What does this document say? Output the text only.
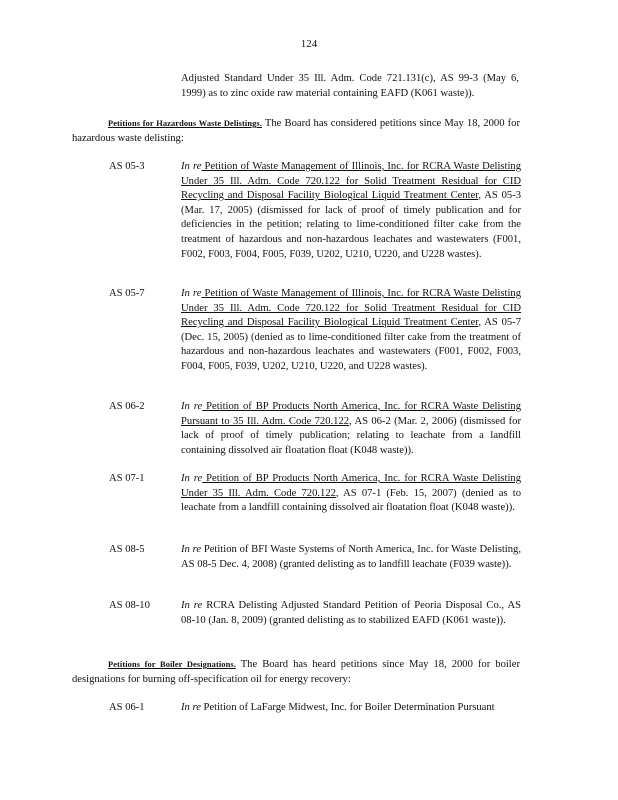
124

Adjusted Standard Under 35 Ill. Adm. Code 721.131(c), AS 99-3 (May 6, 1999) as to zinc oxide raw material containing EAFD (K061 waste)).

Petitions for Hazardous Waste Delistings. The Board has considered petitions since May 18, 2000 for hazardous waste delisting:
AS 05-3	In re Petition of Waste Management of Illinois, Inc. for RCRA Waste Delisting Under 35 Ill. Adm. Code 720.122 for Solid Treatment Residual for CID Recycling and Disposal Facility Biological Liquid Treatment Center, AS 05-3 (Mar. 17, 2005) (dismissed for lack of proof of timely publication and for deficiencies in the petition; relating to lime-conditioned filter cake from the treatment of hazardous and non-hazardous leachates and wastewaters (F001, F002, F003, F004, F005, F039, U202, U210, U220, and U228 wastes).
AS 05-7	In re Petition of Waste Management of Illinois, Inc. for RCRA Waste Delisting Under 35 Ill. Adm. Code 720.122 for Solid Treatment Residual for CID Recycling and Disposal Facility Biological Liquid Treatment Center, AS 05-7 (Dec. 15, 2005) (denied as to lime-conditioned filter cake from the treatment of hazardous and non-hazardous leachates and wastewaters (F001, F002, F003, F004, F005, F039, U202, U210, U220, and U228 wastes).
AS 06-2	In re Petition of BP Products North America, Inc. for RCRA Waste Delisting Pursuant to 35 Ill. Adm. Code 720.122, AS 06-2 (Mar. 2, 2006) (dismissed for lack of proof of timely publication; relating to leachate from a landfill containing dissolved air floatation float (K048 waste)).
AS 07-1	In re Petition of BP Products North America, Inc. for RCRA Waste Delisting Under 35 Ill. Adm. Code 720.122, AS 07-1 (Feb. 15, 2007) (denied as to leachate from a landfill containing dissolved air floatation float (K048 waste)).
AS 08-5	In re Petition of BFI Waste Systems of North America, Inc. for Waste Delisting, AS 08-5 Dec. 4, 2008) (granted delisting as to landfill leachate (F039 waste)).
AS 08-10	In re RCRA Delisting Adjusted Standard Petition of Peoria Disposal Co., AS 08-10 (Jan. 8, 2009) (granted delisting as to stabilized EAFD (K061 waste)).
Petitions for Boiler Designations. The Board has heard petitions since May 18, 2000 for boiler designations for burning off-specification oil for energy recovery:
AS 06-1	In re Petition of LaFarge Midwest, Inc. for Boiler Determination Pursuant
